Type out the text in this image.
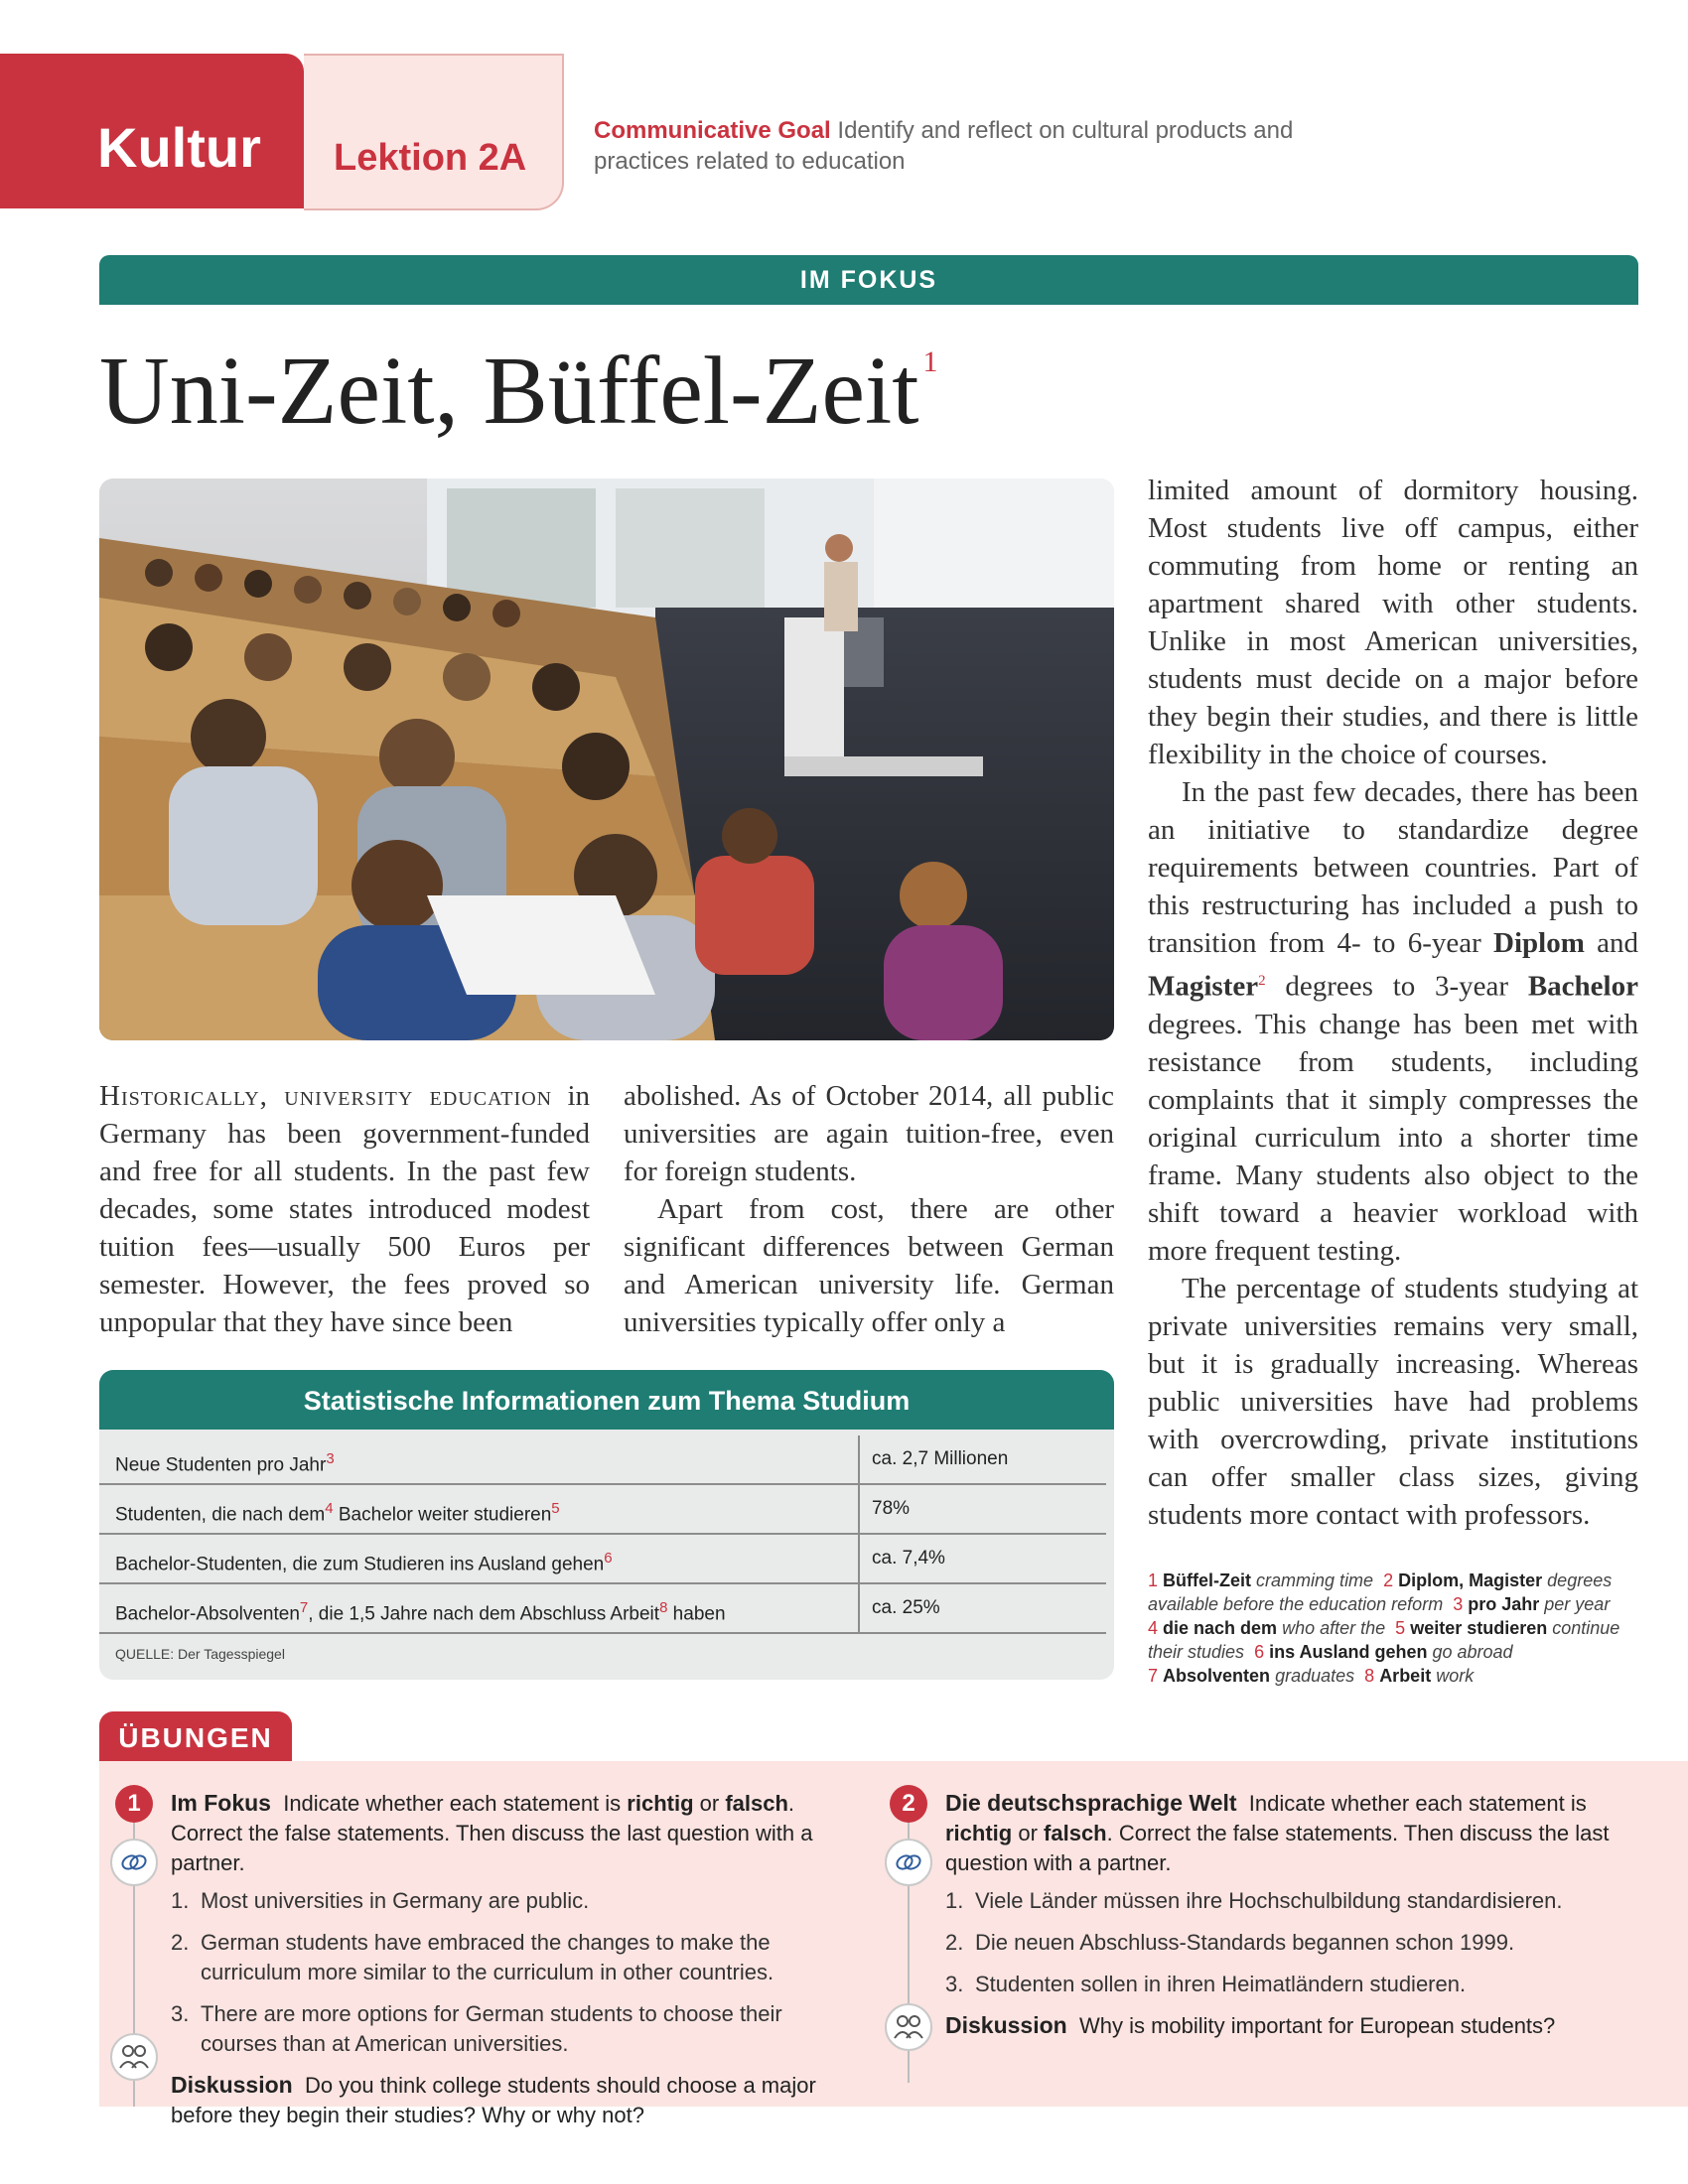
Kultur Lektion 2A
Communicative Goal Identify and reflect on cultural products and practices related to education
IM FOKUS
Uni-Zeit, Büffel-Zeit $^1$

Historically, university education in Germany has been government-funded and free for all students. In the past few decades, some states introduced modest tuition fees—usually 500 Euros per semester. However, the fees proved so unpopular that they have since been

abolished. As of October 2014, all public universities are again tuition-free, even for foreign students.

Apart from cost, there are other significant differences between German and American university life. German universities typically offer only a

limited amount of dormitory housing. Most students live off campus, either commuting from home or renting an apartment shared with other students. Unlike in most American universities, students must decide on a major before they begin their studies, and there is little flexibility in the choice of courses.

In the past few decades, there has been an initiative to standardize degree requirements between countries. Part of this restructuring has included a push to transition from 4- to 6-year Diplom and Magister$^2$ degrees to 3-year Bachelor degrees. This change has been met with resistance from students, including complaints that it simply compresses the original curriculum into a shorter time frame. Many students also object to the shift toward a heavier workload with more frequent testing.

The percentage of students studying at private universities remains very small, but it is gradually increasing. Whereas public universities have had problems with overcrowding, private institutions can offer smaller class sizes, giving students more contact with professors.

Statistische Informationen zum Thema Studium
Neue Studenten pro Jahr$^3$	ca. 2,7 Millionen
Studenten, die nach dem$^4$ Bachelor weiter studieren$^5$	78%
Bachelor-Studenten, die zum Studieren ins Ausland gehen$^6$	ca. 7,4%
Bachelor-Absolventen$^7$, die 1,5 Jahre nach dem Abschluss Arbeit$^8$ haben	ca. 25%
QUELLE: Der Tagesspiegel
1 Büffel-Zeit cramming time 2 Diplom, Magister degrees available before the education reform 3 pro Jahr per year
4 die nach dem who after the 5 weiter studieren continue their studies 6 ins Ausland gehen go abroad
7 Absolventen graduates 8 Arbeit work
ÜBUNGEN
1	Im Fokus Indicate whether each statement is richtig or falsch. Correct the false statements. Then discuss the last question with a partner.
1. Most universities in Germany are public.
2. German students have embraced the changes to make the curriculum more similar to the curriculum in other countries.
3. There are more options for German students to choose their courses than at American universities.
Diskussion Do you think college students should choose a major before they begin their studies? Why or why not?
2	Die deutschsprachige Welt Indicate whether each statement is richtig or falsch. Correct the false statements. Then discuss the last question with a partner.
1. Viele Länder müssen ihre Hochschulbildung standardisieren.
2. Die neuen Abschluss-Standards begannen schon 1999.
3. Studenten sollen in ihren Heimatländern studieren.
Diskussion Why is mobility important for European students?
